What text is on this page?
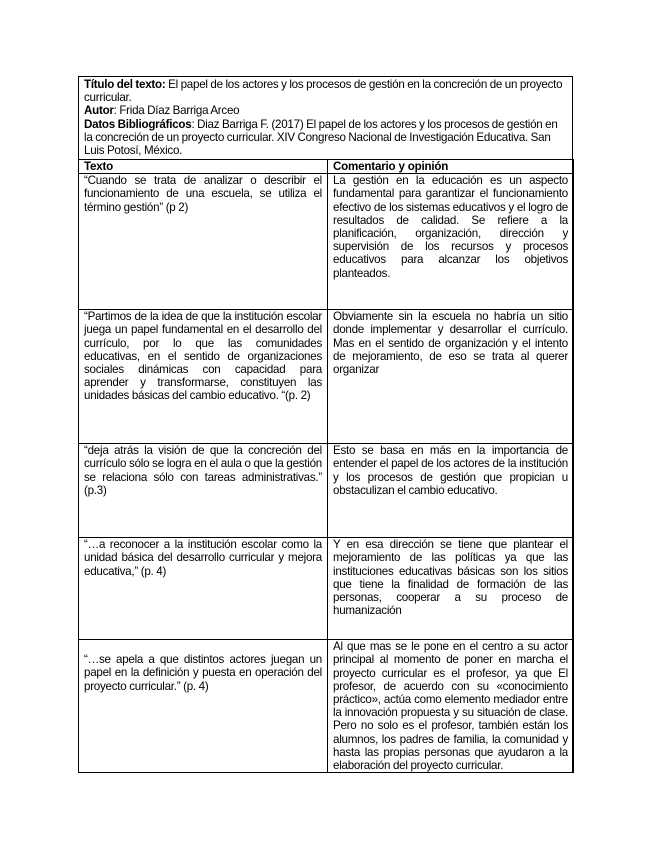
Título del texto: El papel de los actores y los procesos de gestión en la concreción de un proyecto curricular.

Autor: Frida Díaz Barriga Arceo

Datos Bibliográficos: Diaz Barriga F. (2017) El papel de los actores y los procesos de gestión en la concreción de un proyecto curricular. XIV Congreso Nacional de Investigación Educativa. San Luis Potosí, México.

Texto	Comentario y opinión
“Cuando se trata de analizar o describir el funcionamiento de una escuela, se utiliza el término gestión” (p 2)	La gestión en la educación es un aspecto fundamental para garantizar el funcionamiento efectivo de los sistemas educativos y el logro de resultados de calidad. Se refiere a la planificación, organización, dirección y supervisión de los recursos y procesos educativos para alcanzar los objetivos planteados.
“Partimos de la idea de que la institución escolar juega un papel fundamental en el desarrollo del currículo, por lo que las comunidades educativas, en el sentido de organizaciones sociales dinámicas con capacidad para aprender y transformarse, constituyen las unidades básicas del cambio educativo. “(p. 2)	Obviamente sin la escuela no habría un sitio donde implementar y desarrollar el currículo. Mas en el sentido de organización y el intento de mejoramiento, de eso se trata al querer organizar
“deja atrás la visión de que la concreción del currículo sólo se logra en el aula o que la gestión se relaciona sólo con tareas administrativas.” (p.3)	Esto se basa en más en la importancia de entender el papel de los actores de la institución y los procesos de gestión que propician u obstaculizan el cambio educativo.
“…a reconocer a la institución escolar como la unidad básica del desarrollo curricular y mejora educativa,” (p. 4)	Y en esa dirección se tiene que plantear el mejoramiento de las políticas ya que las instituciones educativas básicas son los sitios que tiene la finalidad de formación de las personas, cooperar a su proceso de humanización
“…se apela a que distintos actores juegan un papel en la definición y puesta en operación del proyecto curricular.” (p. 4)	Al que mas se le pone en el centro a su actor principal al momento de poner en marcha el proyecto curricular es el profesor, ya que El profesor, de acuerdo con su «conocimiento práctico», actúa como elemento mediador entre la innovación propuesta y su situación de clase. Pero no solo es el profesor, también están los alumnos, los padres de familia, la comunidad y hasta las propias personas que ayudaron a la elaboración del proyecto curricular.
